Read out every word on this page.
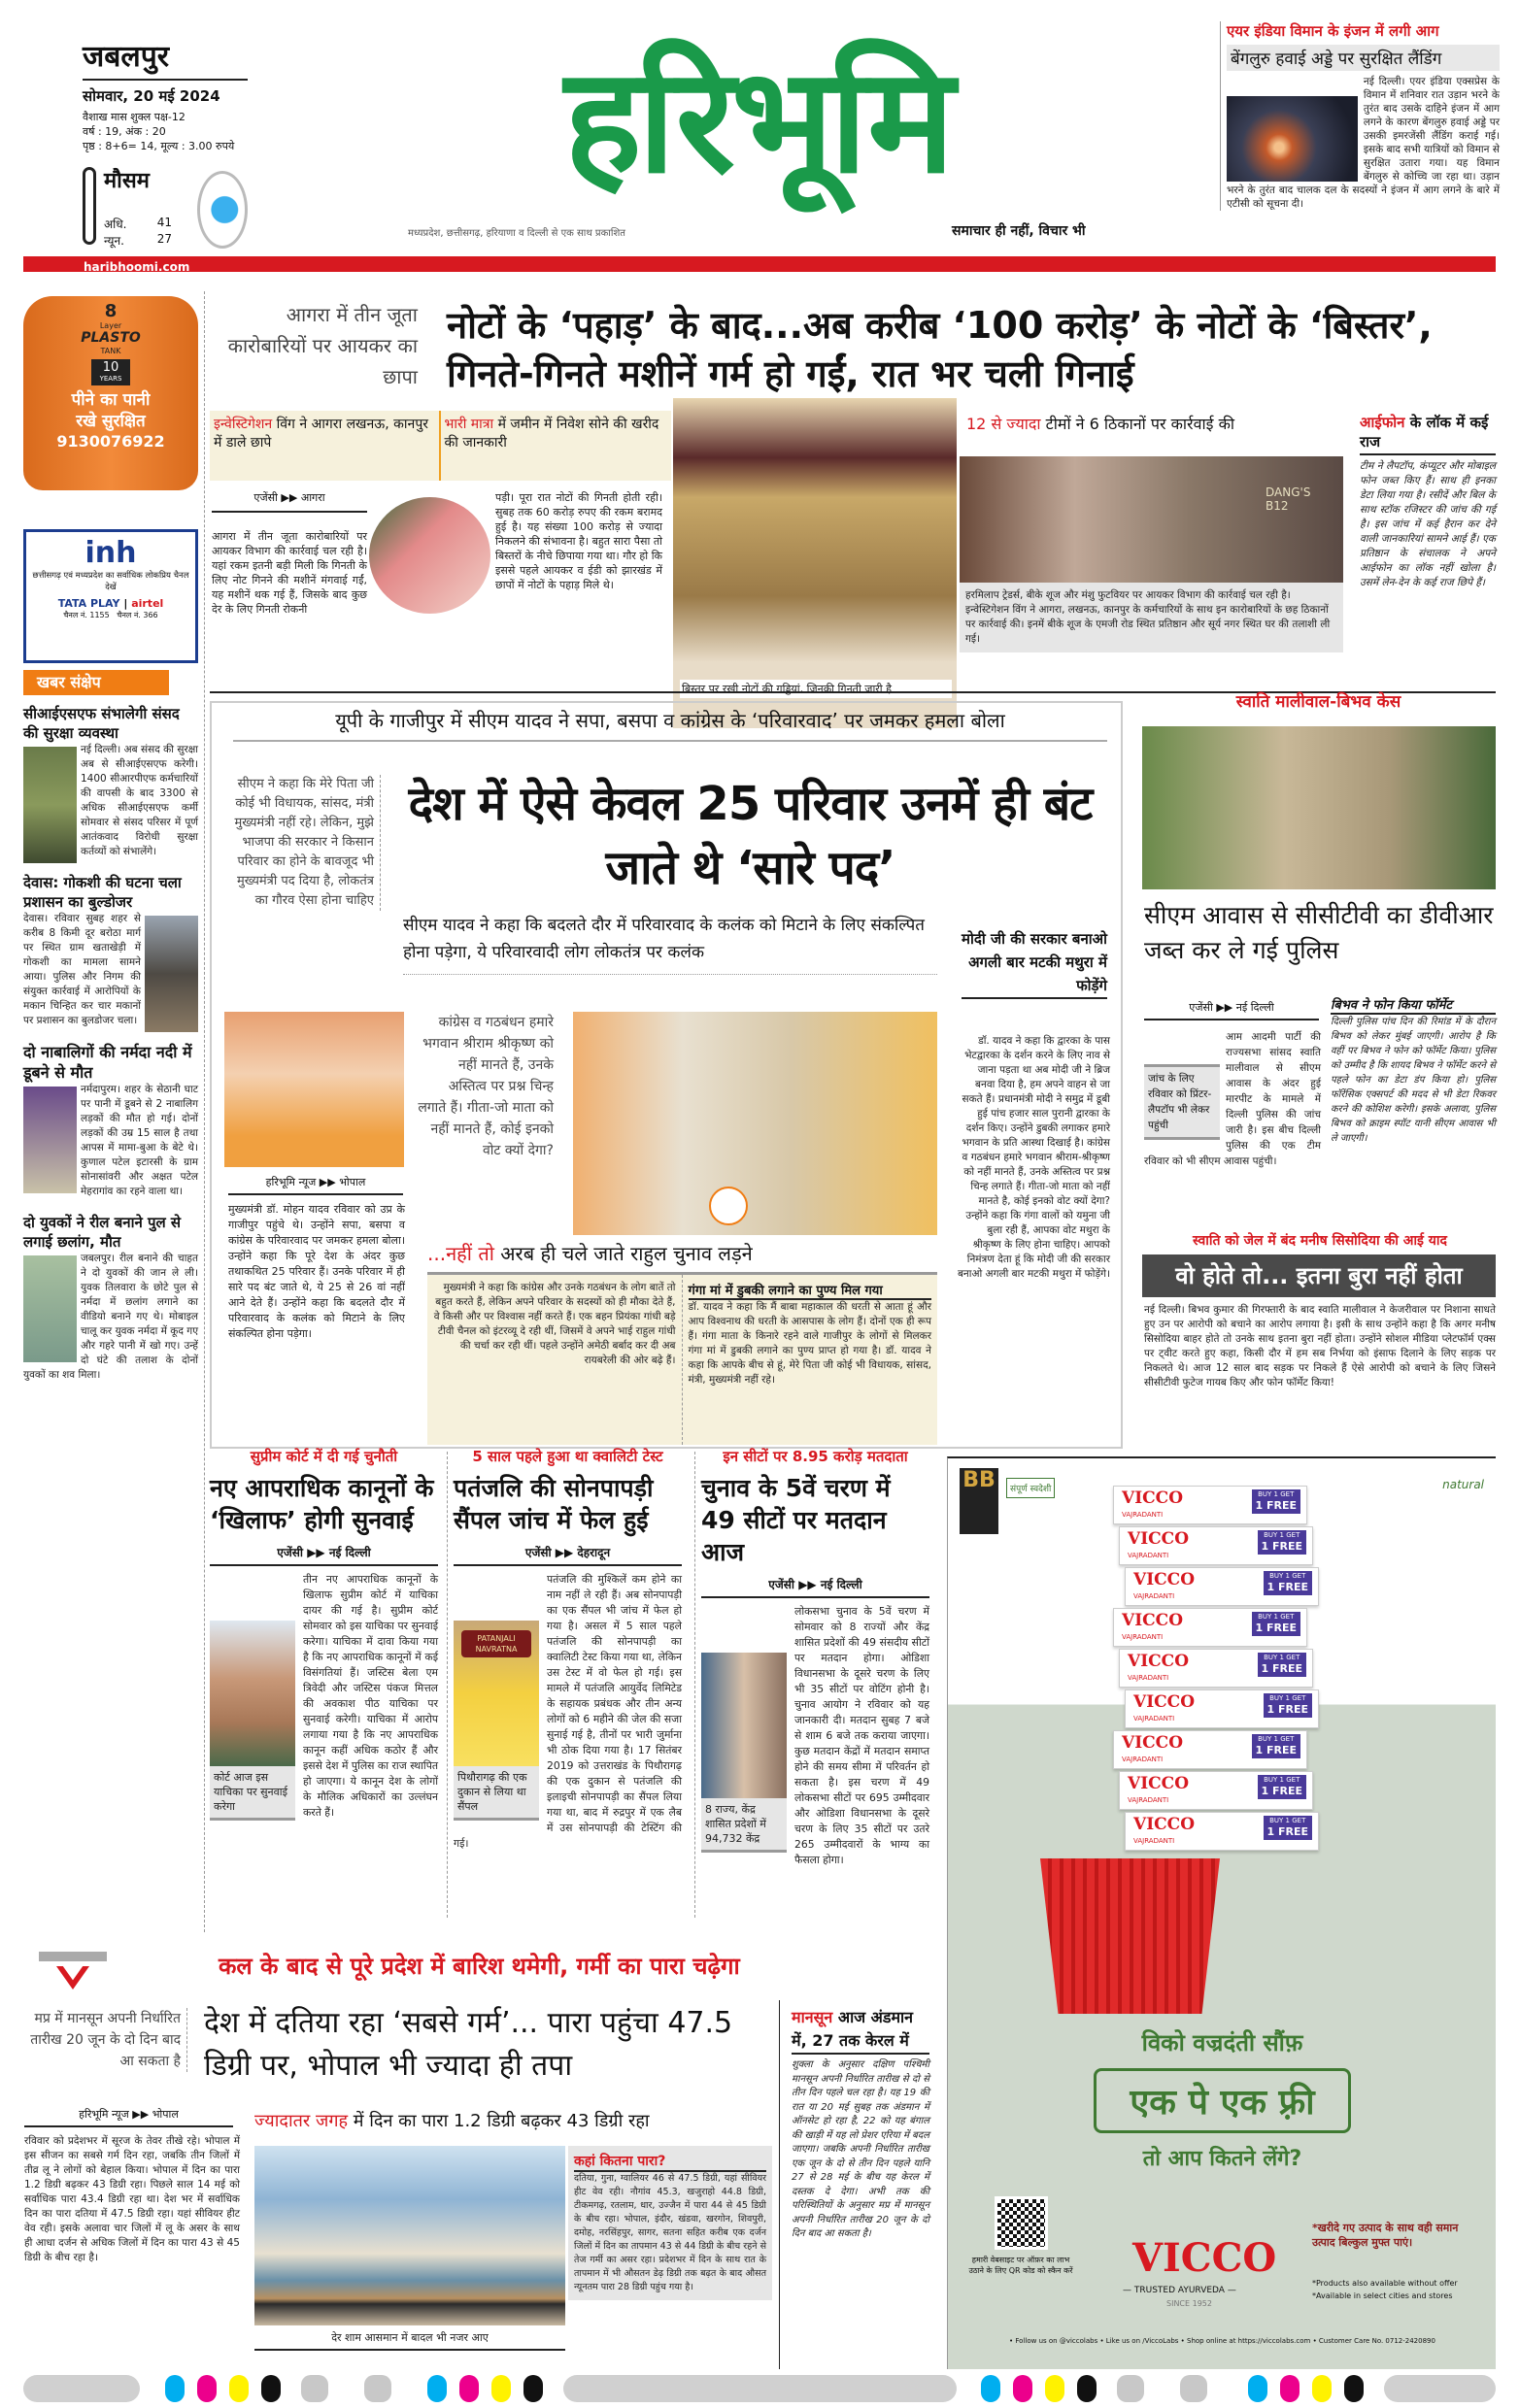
जबलपुर
सोमवार, 20 मई 2024
वैशाख मास शुक्ल पक्ष-12
वर्ष : 19, अंक : 20
पृष्ठ : 8+6= 14, मूल्य : 3.00 रुपये
मौसम
अधि.	41
न्यून.	27
हरिभूमि
मध्यप्रदेश, छत्तीसगढ़, हरियाणा व दिल्ली से एक साथ प्रकाशित	समाचार ही नहीं, विचार भी
एयर इंडिया विमान के इंजन में लगी आग
बेंगलुरु हवाई अड्डे पर सुरक्षित लैंडिंग
नई दिल्ली। एयर इंडिया एक्सप्रेस के विमान में शनिवार रात उड़ान भरने के तुरंत बाद उसके दाहिने इंजन में आग लगने के कारण बेंगलुरु हवाई अड्डे पर उसकी इमरजेंसी लैंडिंग कराई गई। इसके बाद सभी यात्रियों को विमान से सुरक्षित उतारा गया। यह विमान बेंगलुरु से कोच्चि जा रहा था। उड़ान भरने के तुरंत बाद चालक दल के सदस्यों ने इंजन में आग लगने के बारे में एटीसी को सूचना दी।
haribhoomi.com
8
Layer
PLASTO
TANK
10
YEARS
पीने का पानी
रखे सुरक्षित
9130076922
inh
छत्तीसगढ़ एवं मध्यप्रदेश का सर्वाधिक लोकप्रिय चैनल देखें
TATA PLAY | airtel
चैनल नं. 1155 चैनल नं. 366
खबर संक्षेप
सीआईएसएफ संभालेगी संसद की सुरक्षा व्यवस्था
नई दिल्ली। अब संसद की सुरक्षा अब से सीआईएसएफ करेगी। 1400 सीआरपीएफ कर्मचारियों की वापसी के बाद 3300 से अधिक सीआईएसएफ कर्मी सोमवार से संसद परिसर में पूर्ण आतंकवाद विरोधी सुरक्षा कर्तव्यों को संभालेंगे।
देवास: गोकशी की घटना चला प्रशासन का बुल्डोजर
देवास। रविवार सुबह शहर से करीब 8 किमी दूर बरोठा मार्ग पर स्थित ग्राम खताखेड़ी में गोकशी का मामला सामने आया। पुलिस और निगम की संयुक्त कार्रवाई में आरोपियों के मकान चिन्हित कर चार मकानों पर प्रशासन का बुलडोजर चला।
दो नाबालिगों की नर्मदा नदी में डूबने से मौत
नर्मदापुरम। शहर के सेठानी घाट पर पानी में डूबने से 2 नाबालिग लड़कों की मौत हो गई। दोनों लड़कों की उम्र 15 साल है तथा आपस में मामा-बुआ के बेटे थे। कुणाल पटेल इटारसी के ग्राम सोनासांवरी और अक्षत पटेल मेहरागांव का रहने वाला था।
दो युवकों ने रील बनाने पुल से लगाई छलांग, मौत
जबलपुर। रील बनाने की चाहत ने दो युवकों की जान ले ली। युवक तिलवारा के छोटे पुल से नर्मदा में छलांग लगाने का वीडियो बनाने गए थे। मोबाइल चालू कर युवक नर्मदा में कूद गए और गहरे पानी में खो गए। उन्हें दो घंटे की तलाश के दोनों युवकों का शव मिला।
आगरा में तीन जूता कारोबारियों पर आयकर का छापा
नोटों के ‘पहाड़’ के बाद...अब करीब ‘100 करोड़’ के नोटों के ‘बिस्तर’, गिनते-गिनते मशीनें गर्म हो गईं, रात भर चली गिनाई
इन्वेस्टिगेशन विंग ने आगरा लखनऊ, कानपुर में डाले छापे
भारी मात्रा में जमीन में निवेश सोने की खरीद की जानकारी
एजेंसी ▶▶ आगरा
आगरा में तीन जूता कारोबारियों पर आयकर विभाग की कार्रवाई चल रही है। यहां रकम इतनी बड़ी मिली कि गिनती के लिए नोट गिनने की मशीनें मंगवाई गईं, यह मशीनें थक गई हैं, जिसके बाद कुछ देर के लिए गिनती रोकनी
पड़ी। पूरा रात नोटों की गिनती होती रही। सुबह तक 60 करोड़ रुपए की रकम बरामद हुई है। यह संख्या 100 करोड़ से ज्यादा निकलने की संभावना है। बहुत सारा पैसा तो बिस्तरों के नीचे छिपाया गया था। गौर हो कि इससे पहले आयकर व ईडी को झारखंड में छापों में नोटों के पहाड़ मिले थे।
बिस्तर पर रखी नोटों की गड्डियां, जिनकी गिनती जारी है
12 से ज्यादा टीमों ने 6 ठिकानों पर कार्रवाई की
DANG'S B12
हरमिलाप ट्रेडर्स, बीके शूज और मंशु फुटवियर पर आयकर विभाग की कार्रवाई चल रही है। इन्वेस्टिगेशन विंग ने आगरा, लखनऊ, कानपुर के कर्मचारियों के साथ इन कारोबारियों के छह ठिकानों पर कार्रवाई की। इनमें बीके शूज के एमजी रोड स्थित प्रतिष्ठान और सूर्य नगर स्थित घर की तलाशी ली गई।
आईफोन के लॉक में कई राज
टीम ने लैपटॉप, कंप्यूटर और मोबाइल फोन जब्त किए हैं। साथ ही इनका डेटा लिया गया है। रसीदें और बिल के साथ स्टॉक रजिस्टर की जांच की गई है। इस जांच में कई हैरान कर देने वाली जानकारियां सामने आई हैं। एक प्रतिष्ठान के संचालक ने अपने आईफोन का लॉक नहीं खोला है। उसमें लेन-देन के कई राज छिपे हैं।
यूपी के गाजीपुर में सीएम यादव ने सपा, बसपा व कांग्रेस के ‘परिवारवाद’ पर जमकर हमला बोला
सीएम ने कहा कि मेरे पिता जी कोई भी विधायक, सांसद, मंत्री मुख्यमंत्री नहीं रहे। लेकिन, मुझे भाजपा की सरकार ने किसान परिवार का होने के बावजूद भी मुख्यमंत्री पद दिया है, लोकतंत्र का गौरव ऐसा होना चाहिए
देश में ऐसे केवल 25 परिवार उनमें ही बंट जाते थे ‘सारे पद’
सीएम यादव ने कहा कि बदलते दौर में परिवारवाद के कलंक को मिटाने के लिए संकल्पित होना पड़ेगा, ये परिवारवादी लोग लोकतंत्र पर कलंक
मोदी जी की सरकार बनाओ अगली बार मटकी मथुरा में फोड़ेंगे
कांग्रेस व गठबंधन हमारे भगवान श्रीराम श्रीकृष्ण को नहीं मानते हैं, उनके अस्तित्व पर प्रश्न चिन्ह लगाते हैं। गीता-जो माता को नहीं मानते हैं, कोई इनको वोट क्यों देगा?
हरिभूमि न्यूज ▶▶ भोपाल
मुख्यमंत्री डॉ. मोहन यादव रविवार को उप्र के गाजीपुर पहुंचे थे। उन्होंने सपा, बसपा व कांग्रेस के परिवारवाद पर जमकर हमला बोला। उन्होंने कहा कि पूरे देश के अंदर कुछ तथाकथित 25 परिवार हैं। उनके परिवार में ही सारे पद बंट जाते थे, ये 25 से 26 वां नहीं आने देते हैं। उन्होंने कहा कि बदलते दौर में परिवारवाद के कलंक को मिटाने के लिए संकल्पित होना पड़ेगा।
...नहीं तो अरब ही चले जाते राहुल चुनाव लड़ने
मुख्यमंत्री ने कहा कि कांग्रेस और उनके गठबंधन के लोग बातें तो बहुत करते हैं, लेकिन अपने परिवार के सदस्यों को ही मौका देते हैं, वे किसी और पर विश्वास नहीं करते हैं। एक बहन प्रियंका गांधी बड़े टीवी चैनल को इंटरव्यू दे रही थीं, जिसमें वे अपने भाई राहुल गांधी की चर्चा कर रही थीं। पहले उन्होंने अमेठी बर्बाद कर दी अब रायबरेली की ओर बढ़े हैं।
गंगा मां में डुबकी लगाने का पुण्य मिल गया
डॉ. यादव ने कहा कि मैं बाबा महाकाल की धरती से आता हूं और आप विश्वनाथ की धरती के आसपास के लोग हैं। दोनों एक ही रूप हैं। गंगा माता के किनारे रहने वाले गाजीपुर के लोगों से मिलकर गंगा मां में डुबकी लगाने का पुण्य प्राप्त हो गया है। डॉ. यादव ने कहा कि आपके बीच से हूं, मेरे पिता जी कोई भी विधायक, सांसद, मंत्री, मुख्यमंत्री नहीं रहे।
डॉ. यादव ने कहा कि द्वारका के पास भेटद्वारका के दर्शन करने के लिए नाव से जाना पड़ता था अब मोदी जी ने ब्रिज बनवा दिया है, हम अपने वाहन से जा सकते हैं। प्रधानमंत्री मोदी ने समुद्र में डूबी हुई पांच हजार साल पुरानी द्वारका के दर्शन किए। उन्होंने डुबकी लगाकर हमारे भगवान के प्रति आस्था दिखाई है। कांग्रेस व गठबंधन हमारे भगवान श्रीराम-श्रीकृष्ण को नहीं मानते हैं, उनके अस्तित्व पर प्रश्न चिन्ह लगाते हैं। गीता-जो माता को नहीं मानते है, कोई इनको वोट क्यों देगा? उन्होंने कहा कि गंगा वालों को यमुना जी बुला रही हैं, आपका वोट मथुरा के श्रीकृष्ण के लिए होना चाहिए। आपको निमंत्रण देता हूं कि मोदी जी की सरकार बनाओ अगली बार मटकी मथुरा में फोड़ेंगे।
स्वाति मालीवाल-बिभव केस
सीएम आवास से सीसीटीवी का डीवीआर जब्त कर ले गई पुलिस
एजेंसी ▶▶ नई दिल्ली
जांच के लिए रविवार को प्रिंटर-लैपटॉप भी लेकर पहुंची
आम आदमी पार्टी की राज्यसभा सांसद स्वाति मालीवाल से सीएम आवास के अंदर हुई मारपीट के मामले में दिल्ली पुलिस की जांच जारी है। इस बीच दिल्ली पुलिस की एक टीम रविवार को भी सीएम आवास पहुंची।
बिभव ने फोन किया फॉर्मेट
दिल्ली पुलिस पांच दिन की रिमांड में के दौरान बिभव को लेकर मुंबई जाएगी। आरोप है कि वहीं पर बिभव ने फोन को फॉर्मेट किया। पुलिस को उम्मीद है कि शायद बिभव ने फॉर्मेट करने से पहले फोन का डेटा डंप किया हो। पुलिस फॉरेंसिक एक्सपर्ट की मदद से भी डेटा रिकवर करने की कोशिश करेगी। इसके अलावा, पुलिस बिभव को क्राइम स्पॉट यानी सीएम आवास भी ले जाएगी।
स्वाति को जेल में बंद मनीष सिसोदिया की आई याद
वो होते तो... इतना बुरा नहीं होता
नई दिल्ली। बिभव कुमार की गिरफ्तारी के बाद स्वाति मालीवाल ने केजरीवाल पर निशाना साधते हुए उन पर आरोपी को बचाने का आरोप लगाया है। इसी के साथ उन्होंने कहा है कि अगर मनीष सिसोदिया बाहर होते तो उनके साथ इतना बुरा नहीं होता। उन्होंने सोशल मीडिया प्लेटफॉर्म एक्स पर ट्वीट करते हुए कहा, किसी दौर में हम सब निर्भया को इंसाफ दिलाने के लिए सड़क पर निकलते थे। आज 12 साल बाद सड़क पर निकले हैं ऐसे आरोपी को बचाने के लिए जिसने सीसीटीवी फुटेज गायब किए और फोन फॉर्मेट किया!
सुप्रीम कोर्ट में दी गई चुनौती
नए आपराधिक कानूनों के ‘खिलाफ’ होगी सुनवाई
एजेंसी ▶▶ नई दिल्ली
कोर्ट आज इस याचिका पर सुनवाई करेगा
तीन नए आपराधिक कानूनों के खिलाफ सुप्रीम कोर्ट में याचिका दायर की गई है। सुप्रीम कोर्ट सोमवार को इस याचिका पर सुनवाई करेगा। याचिका में दावा किया गया है कि नए आपराधिक कानूनों में कई विसंगतियां हैं। जस्टिस बेला एम त्रिवेदी और जस्टिस पंकज मित्तल की अवकाश पीठ याचिका पर सुनवाई करेगी। याचिका में आरोप लगाया गया है कि नए आपराधिक कानून कहीं अधिक कठोर हैं और इससे देश में पुलिस का राज स्थापित हो जाएगा। ये कानून देश के लोगों के मौलिक अधिकारों का उल्लंघन करते हैं।
5 साल पहले हुआ था क्वालिटी टेस्ट
पतंजलि की सोनपापड़ी सैंपल जांच में फेल हुई
एजेंसी ▶▶ देहरादून
PATANJALI NAVRATNA
पिथौरागढ़ की एक दुकान से लिया था सैंपल
पतंजलि की मुश्किलें कम होने का नाम नहीं ले रही हैं। अब सोनपापड़ी का एक सैंपल भी जांच में फेल हो गया है। असल में 5 साल पहले पतंजलि की सोनपापड़ी का क्वालिटी टेस्ट किया गया था, लेकिन उस टेस्ट में वो फेल हो गई। इस मामले में पतंजलि आयुर्वेद लिमिटेड के सहायक प्रबंधक और तीन अन्य लोगों को 6 महीने की जेल की सजा सुनाई गई है, तीनों पर भारी जुर्माना भी ठोक दिया गया है। 17 सितंबर 2019 को उत्तराखंड के पिथौरागढ़ की एक दुकान से पतंजलि की इलाइची सोनपापड़ी का सैंपल लिया गया था, बाद में रुद्रपुर में एक लैब में उस सोनपापड़ी की टेस्टिंग की गई।
इन सीटों पर 8.95 करोड़ मतदाता
चुनाव के 5वें चरण में 49 सीटों पर मतदान आज
एजेंसी ▶▶ नई दिल्ली
8 राज्य, केंद्र शासित प्रदेशों में 94,732 केंद्र
लोकसभा चुनाव के 5वें चरण में सोमवार को 8 राज्यों और केंद्र शासित प्रदेशों की 49 संसदीय सीटों पर मतदान होगा। ओडिशा विधानसभा के दूसरे चरण के लिए भी 35 सीटों पर वोटिंग होनी है। चुनाव आयोग ने रविवार को यह जानकारी दी। मतदान सुबह 7 बजे से शाम 6 बजे तक कराया जाएगा। कुछ मतदान केंद्रों में मतदान समाप्त होने की समय सीमा में परिवर्तन हो सकता है। इस चरण में 49 लोकसभा सीटों पर 695 उम्मीदवार और ओडिशा विधानसभा के दूसरे चरण के लिए 35 सीटों पर उतरे 265 उम्मीदवारों के भाग्य का फैसला होगा।
BB	संपूर्ण स्वदेशी	natural
VICCO
VAJRADANTI
BUY 1 GET
1 FREE
VICCO
VAJRADANTI
BUY 1 GET
1 FREE
VICCO
VAJRADANTI
BUY 1 GET
1 FREE
VICCO
VAJRADANTI
BUY 1 GET
1 FREE
VICCO
VAJRADANTI
BUY 1 GET
1 FREE
VICCO
VAJRADANTI
BUY 1 GET
1 FREE
VICCO
VAJRADANTI
BUY 1 GET
1 FREE
VICCO
VAJRADANTI
BUY 1 GET
1 FREE
VICCO
VAJRADANTI
BUY 1 GET
1 FREE
विको वज्रदंती सौंफ़
एक पे एक फ़्री
तो आप कितने लेंगे?
हमारी वेबसाइट पर ऑफ़र का लाभ उठाने के लिए QR कोड को स्कैन करें VICCO
— TRUSTED AYURVEDA —
SINCE 1952
*खरीदे गए उत्पाद के साथ वही समान उत्पाद बिल्कुल मुफ्त पाएं।
*Products also available without offer
*Available in select cities and stores
• Follow us on @viccolabs • Like us on /ViccoLabs • Shop online at https://viccolabs.com • Customer Care No. 0712-2420890
कल के बाद से पूरे प्रदेश में बारिश थमेगी, गर्मी का पारा चढ़ेगा
मप्र में मानसून अपनी निर्धारित तारीख 20 जून के दो दिन बाद आ सकता है
देश में दतिया रहा ‘सबसे गर्म’... पारा पहुंचा 47.5 डिग्री पर, भोपाल भी ज्यादा ही तपा
हरिभूमि न्यूज ▶▶ भोपाल
रविवार को प्रदेशभर में सूरज के तेवर तीखे रहे। भोपाल में इस सीजन का सबसे गर्म दिन रहा, जबकि तीन जिलों में तीव्र लू ने लोगों को बेहाल किया। भोपाल में दिन का पारा 1.2 डिग्री बढ़कर 43 डिग्री रहा। पिछले साल 14 मई को सर्वाधिक पारा 43.4 डिग्री रहा था। देश भर में सर्वाधिक दिन का पारा दतिया में 47.5 डिग्री रहा। यहां सीवियर हीट वेव रही। इसके अलावा चार जिलों में लू के असर के साथ ही आधा दर्जन से अधिक जिलों में दिन का पारा 43 से 45 डिग्री के बीच रहा है।
ज्यादातर जगह में दिन का पारा 1.2 डिग्री बढ़कर 43 डिग्री रहा
देर शाम आसमान में बादल भी नजर आए
कहां कितना पारा?
दतिया, गुना, ग्वालियर 46 से 47.5 डिग्री, यहां सीवियर हीट वेव रही। नौगांव 45.3, खजुराहो 44.8 डिग्री, टीकमगढ़, रतलाम, धार, उज्जैन में पारा 44 से 45 डिग्री के बीच रहा। भोपाल, इंदौर, खंडवा, खरगोन, शिवपुरी, दमोह, नरसिंहपुर, सागर, सतना सहित करीब एक दर्जन जिलों में दिन का तापमान 43 से 44 डिग्री के बीच रहने से तेज गर्मी का असर रहा। प्रदेशभर में दिन के साथ रात के तापमान में भी औसतन डेढ़ डिग्री तक बढ़त के बाद औसत न्यूनतम पारा 28 डिग्री पहुंच गया है।
मानसून आज अंडमान में, 27 तक केरल में
शुक्ला के अनुसार दक्षिण पश्चिमी मानसून अपनी निर्धारित तारीख से दो से तीन दिन पहले चल रहा है। यह 19 की रात या 20 मई सुबह तक अंडमान में ऑनसेट हो रहा है, 22 को यह बंगाल की खाड़ी में यह लो प्रेशर एरिया में बदल जाएगा। जबकि अपनी निर्धारित तारीख एक जून के दो से तीन दिन पहले यानि 27 से 28 मई के बीच यह केरल में दस्तक दे देगा। अभी तक की परिस्थितियों के अनुसार मप्र में मानसून अपनी निर्धारित तारीख 20 जून के दो दिन बाद आ सकता है।
